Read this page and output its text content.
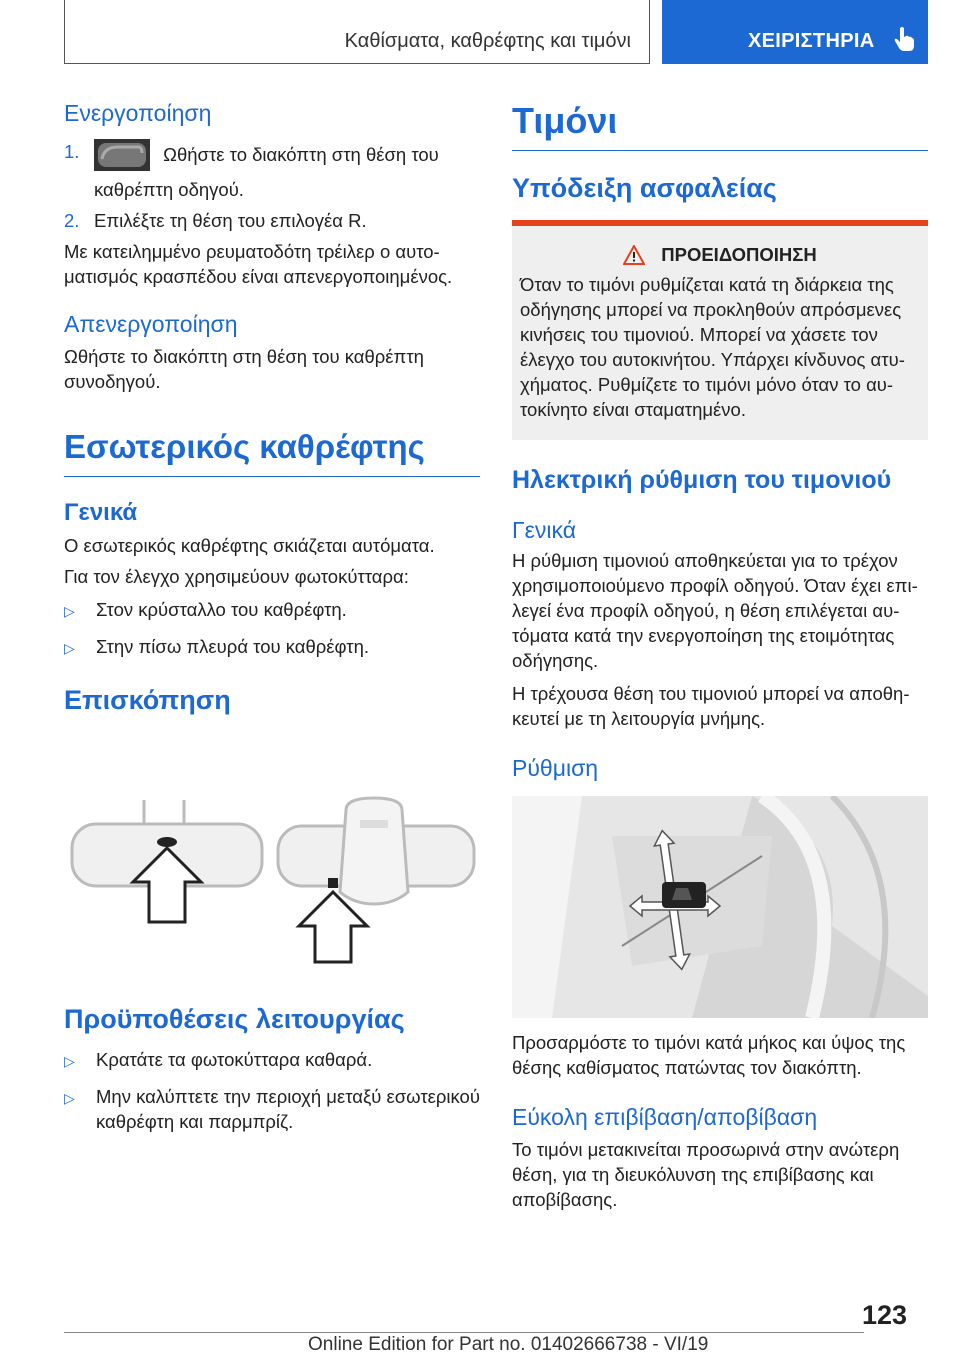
Καθίσματα, καθρέφτης και τιμόνι	ΧΕΙΡΙΣΤΗΡΙΑ
Ενεργοποίηση
1.	Ωθήστε το διακόπτη στη θέση του καθρέπτη οδηγού.
2. Επιλέξτε τη θέση του επιλογέα R.

Με κατειλημμένο ρευματοδότη τρέιλερ ο αυτοματισμός κρασπέδου είναι απενεργοποιημένος.

Απενεργοποίηση

Ωθήστε το διακόπτη στη θέση του καθρέπτη συνοδηγού.

Εσωτερικός καθρέφτης
Γενικά

Ο εσωτερικός καθρέφτης σκιάζεται αυτόματα.

Για τον έλεγχο χρησιμεύουν φωτοκύτταρα:

▷	Στον κρύσταλλο του καθρέφτη.
▷	Στην πίσω πλευρά του καθρέφτη.
Επισκόπηση
Προϋποθέσεις λειτουργίας
▷	Κρατάτε τα φωτοκύτταρα καθαρά.
▷	Μην καλύπτετε την περιοχή μεταξύ εσωτερικού καθρέφτη και παρμπρίζ.
Τιμόνι
Υπόδειξη ασφαλείας
ΠΡΟΕΙΔΟΠΟΙΗΣΗ

Όταν το τιμόνι ρυθμίζεται κατά τη διάρκεια της οδήγησης μπορεί να προκληθούν απρόσμενες κινήσεις του τιμονιού. Μπορεί να χάσετε τον έλεγχο του αυτοκινήτου. Υπάρχει κίνδυνος ατυχήματος. Ρυθμίζετε το τιμόνι μόνο όταν το αυτοκίνητο είναι σταματημένο.

Ηλεκτρική ρύθμιση του τιμονιού
Γενικά

Η ρύθμιση τιμονιού αποθηκεύεται για το τρέχον χρησιμοποιούμενο προφίλ οδηγού. Όταν έχει επιλεγεί ένα προφίλ οδηγού, η θέση επιλέγεται αυτόματα κατά την ενεργοποίηση της ετοιμότητας οδήγησης.

Η τρέχουσα θέση του τιμονιού μπορεί να αποθηκευτεί με τη λειτουργία μνήμης.

Ρύθμιση

Προσαρμόστε το τιμόνι κατά μήκος και ύψος της θέσης καθίσματος πατώντας τον διακόπτη.

Εύκολη επιβίβαση/αποβίβαση

Το τιμόνι μετακινείται προσωρινά στην ανώτερη θέση, για τη διευκόλυνση της επιβίβασης και αποβίβασης.

123
Online Edition for Part no. 01402666738 - VI/19
